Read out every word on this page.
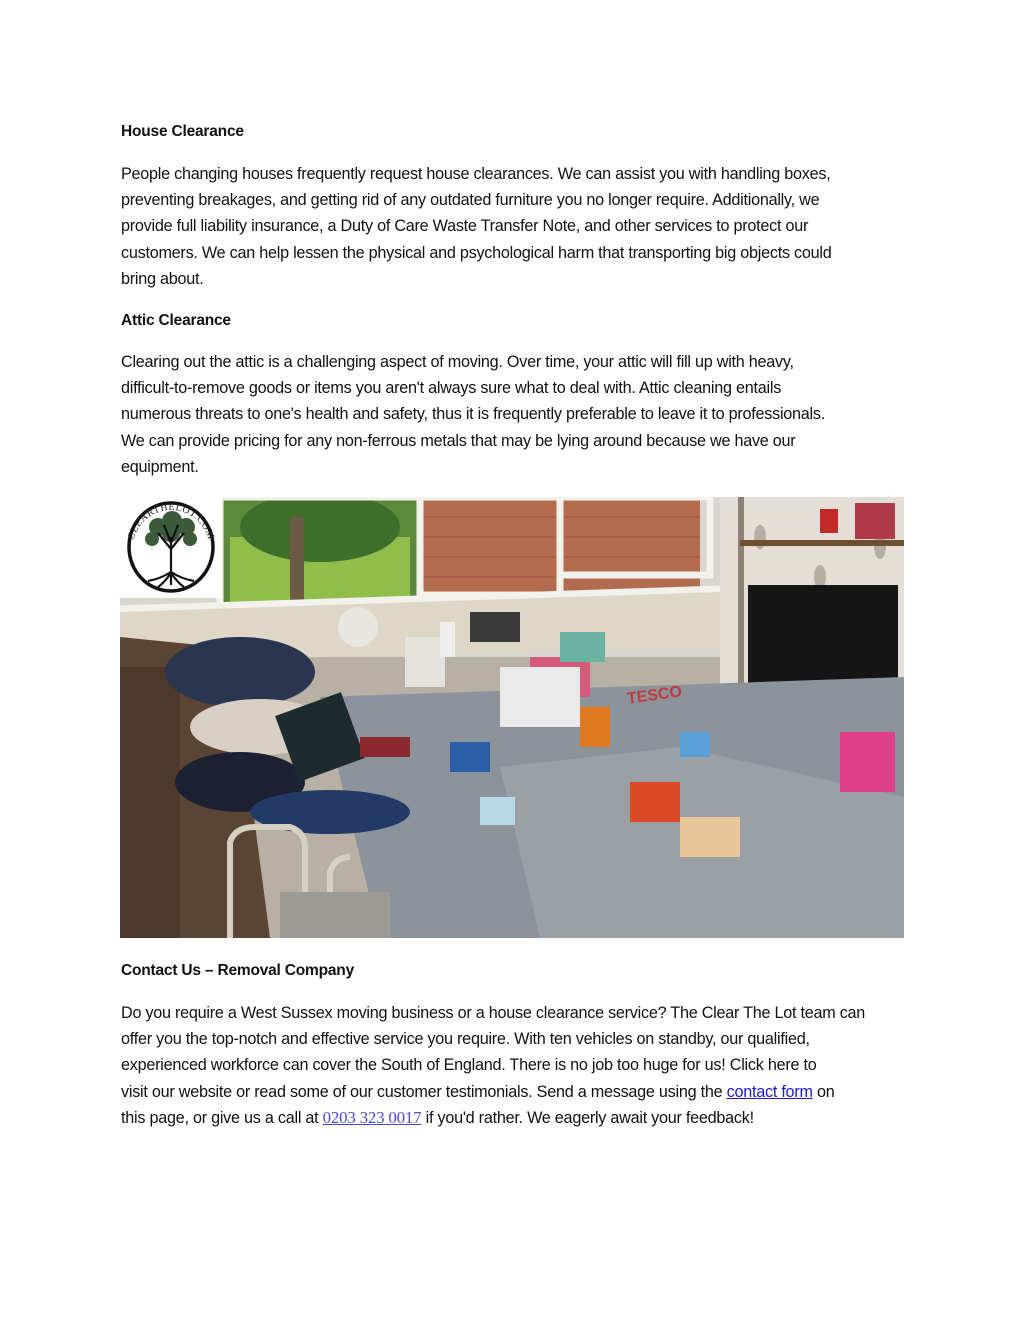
House Clearance
People changing houses frequently request house clearances. We can assist you with handling boxes,
preventing breakages, and getting rid of any outdated furniture you no longer require. Additionally, we
provide full liability insurance, a Duty of Care Waste Transfer Note, and other services to protect our
customers. We can help lessen the physical and psychological harm that transporting big objects could
bring about.
Attic Clearance
Clearing out the attic is a challenging aspect of moving. Over time, your attic will fill up with heavy,
difficult-to-remove goods or items you aren't always sure what to deal with. Attic cleaning entails
numerous threats to one's health and safety, thus it is frequently preferable to leave it to professionals.
We can provide pricing for any non-ferrous metals that may be lying around because we have our
equipment.
Contact Us – Removal Company
Do you require a West Sussex moving business or a house clearance service? The Clear The Lot team can
offer you the top-notch and effective service you require. With ten vehicles on standby, our qualified,
experienced workforce can cover the South of England. There is no job too huge for us! Click here to
visit our website or read some of our customer testimonials. Send a message using the contact form on
this page, or give us a call at 0203 323 0017 if you'd rather. We eagerly await your feedback!
CLEARTHELOT.COM
TESCO
